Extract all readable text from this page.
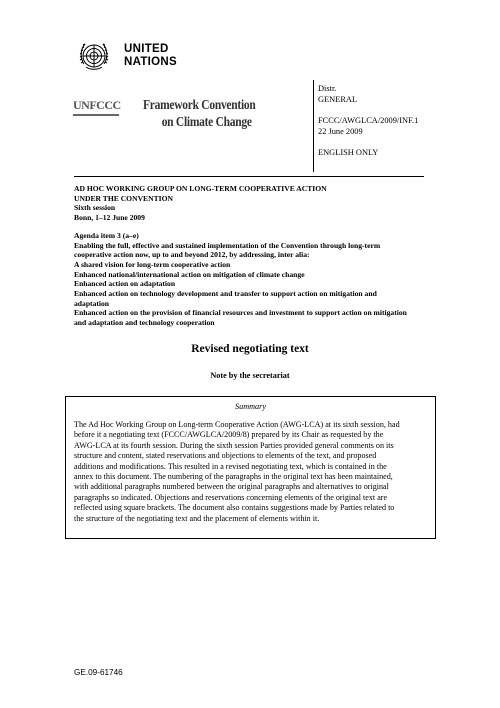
UNITED
NATIONS
UNFCCC Framework Convention
on Climate Change
Distr.
GENERAL
FCCC/AWGLCA/2009/INF.1
22 June 2009
ENGLISH ONLY
AD HOC WORKING GROUP ON LONG-TERM COOPERATIVE ACTION
UNDER THE CONVENTION
Sixth session
Bonn, 1–12 June 2009
Agenda item 3 (a–e)
Enabling the full, effective and sustained implementation of the Convention through long-term
cooperative action now, up to and beyond 2012, by addressing, inter alia:
A shared vision for long-term cooperative action
Enhanced national/international action on mitigation of climate change
Enhanced action on adaptation
Enhanced action on technology development and transfer to support action on mitigation and
adaptation
Enhanced action on the provision of financial resources and investment to support action on mitigation
and adaptation and technology cooperation
Revised negotiating text
Note by the secretariat
Summary
The Ad Hoc Working Group on Long-term Cooperative Action (AWG-LCA) at its sixth session, had
before it a negotiating text (FCCC/AWGLCA/2009/8) prepared by its Chair as requested by the
AWG-LCA at its fourth session. During the sixth session Parties provided general comments on its
structure and content, stated reservations and objections to elements of the text, and proposed
additions and modifications. This resulted in a revised negotiating text, which is contained in the
annex to this document. The numbering of the paragraphs in the original text has been maintained,
with additional paragraphs numbered between the original paragraphs and alternatives to original
paragraphs so indicated. Objections and reservations concerning elements of the original text are
reflected using square brackets. The document also contains suggestions made by Parties related to
the structure of the negotiating text and the placement of elements within it.
GE.09-61746
